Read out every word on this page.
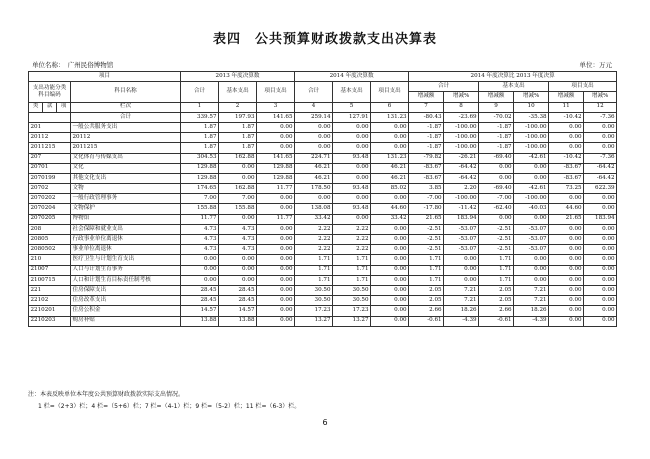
表四　公共预算财政拨款支出决算表
单位名称：　广州民俗博物馆	单位：万元
项目				2013 年度决算数			2014 年度决算数			2014 年度决算比 2013 年度决算					
支出功能分类科目编码			科目名称	合计	基本支出	项目支出	合计	基本支出	项目支出	合计		基本支出		项目支出	
										增减额	增减%	增减额	增减%	增减额	增减%
类	款	项													
			栏次	1	2	3	4	5	6	7	8	9	10	11	12
			合计	339.57	197.93	141.65	259.14	127.91	131.23	-80.43	-23.69	-70.02	-35.38	-10.42	-7.36
201			一般公共服务支出	1.87	1.87	0.00	0.00	0.00	0.00	-1.87	-100.00	-1.87	-100.00	0.00	0.00
20112			20112	1.87	1.87	0.00	0.00	0.00	0.00	-1.87	-100.00	-1.87	-100.00	0.00	0.00
2011215			2011215	1.87	1.87	0.00	0.00	0.00	0.00	-1.87	-100.00	-1.87	-100.00	0.00	0.00
207			文化体育与传媒支出	304.53	162.88	141.65	224.71	93.48	131.23	-79.82	-26.21	-69.40	-42.61	-10.42	-7.36
20701			文化	129.88	0.00	129.88	46.21	0.00	46.21	-83.67	-64.42	0.00	0.00	-83.67	-64.42
2070199			其他文化支出	129.88	0.00	129.88	46.21	0.00	46.21	-83.67	-64.42	0.00	0.00	-83.67	-64.42
20702			文物	174.65	162.88	11.77	178.50	93.48	85.02	3.85	2.20	-69.40	-42.61	73.25	622.39
2070202			一般行政管理事务	7.00	7.00	0.00	0.00	0.00	0.00	-7.00	-100.00	-7.00	-100.00	0.00	0.00
2070204			文物保护	155.88	155.88	0.00	138.08	93.48	44.60	-17.80	-11.42	-62.40	-40.03	44.60	0.00
2070205			博物馆	11.77	0.00	11.77	33.42	0.00	33.42	21.65	183.94	0.00	0.00	21.65	183.94
208			社会保障和就业支出	4.73	4.73	0.00	2.22	2.22	0.00	-2.51	-53.07	-2.51	-53.07	0.00	0.00
20805			行政事业单位离退休	4.73	4.73	0.00	2.22	2.22	0.00	-2.51	-53.07	-2.51	-53.07	0.00	0.00
2080502			事业单位离退休	4.73	4.73	0.00	2.22	2.22	0.00	-2.51	-53.07	-2.51	-53.07	0.00	0.00
210			医疗卫生与计划生育支出	0.00	0.00	0.00	1.71	1.71	0.00	1.71	0.00	1.71	0.00	0.00	0.00
21007			人口与计划生育事务	0.00	0.00	0.00	1.71	1.71	0.00	1.71	0.00	1.71	0.00	0.00	0.00
2100715			人口和计划生育目标责任制考核	0.00	0.00	0.00	1.71	1.71	0.00	1.71	0.00	1.71	0.00	0.00	0.00
221			住房保障支出	28.45	28.45	0.00	30.50	30.50	0.00	2.05	7.21	2.05	7.21	0.00	0.00
22102			住房改革支出	28.45	28.45	0.00	30.50	30.50	0.00	2.05	7.21	2.05	7.21	0.00	0.00
2210201			住房公积金	14.57	14.57	0.00	17.23	17.23	0.00	2.66	18.26	2.66	18.26	0.00	0.00
2210203			购房补贴	13.88	13.88	0.00	13.27	13.27	0.00	-0.61	-4.39	-0.61	-4.39	0.00	0.00
注：本表反映单位本年度公共预算财政拨款实际支出情况。
1 栏=（2+3）栏；4 栏=（5+6）栏；7 栏=（4-1）栏；9 栏=（5-2）栏；11 栏=（6-3）栏。
6
